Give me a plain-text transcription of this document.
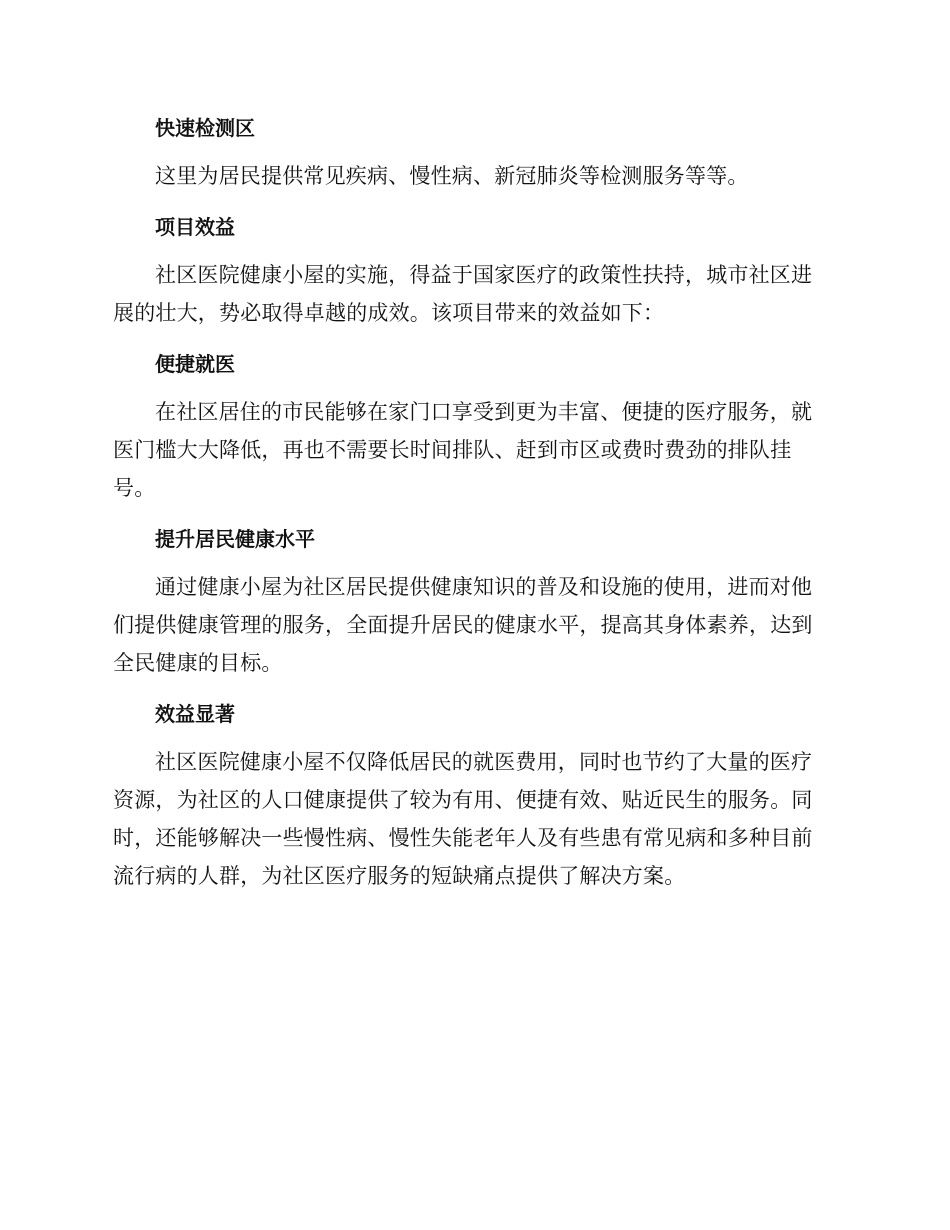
快速检测区
这里为居民提供常见疾病、慢性病、新冠肺炎等检测服务等等。
项目效益
社区医院健康小屋的实施，得益于国家医疗的政策性扶持，城市社区进
展的壮大，势必取得卓越的成效。该项目带来的效益如下：
便捷就医
在社区居住的市民能够在家门口享受到更为丰富、便捷的医疗服务，就
医门槛大大降低，再也不需要长时间排队、赶到市区或费时费劲的排队挂
号。
提升居民健康水平
通过健康小屋为社区居民提供健康知识的普及和设施的使用，进而对他
们提供健康管理的服务，全面提升居民的健康水平，提高其身体素养，达到
全民健康的目标。
效益显著
社区医院健康小屋不仅降低居民的就医费用，同时也节约了大量的医疗
资源，为社区的人口健康提供了较为有用、便捷有效、贴近民生的服务。同
时，还能够解决一些慢性病、慢性失能老年人及有些患有常见病和多种目前
流行病的人群，为社区医疗服务的短缺痛点提供了解决方案。
